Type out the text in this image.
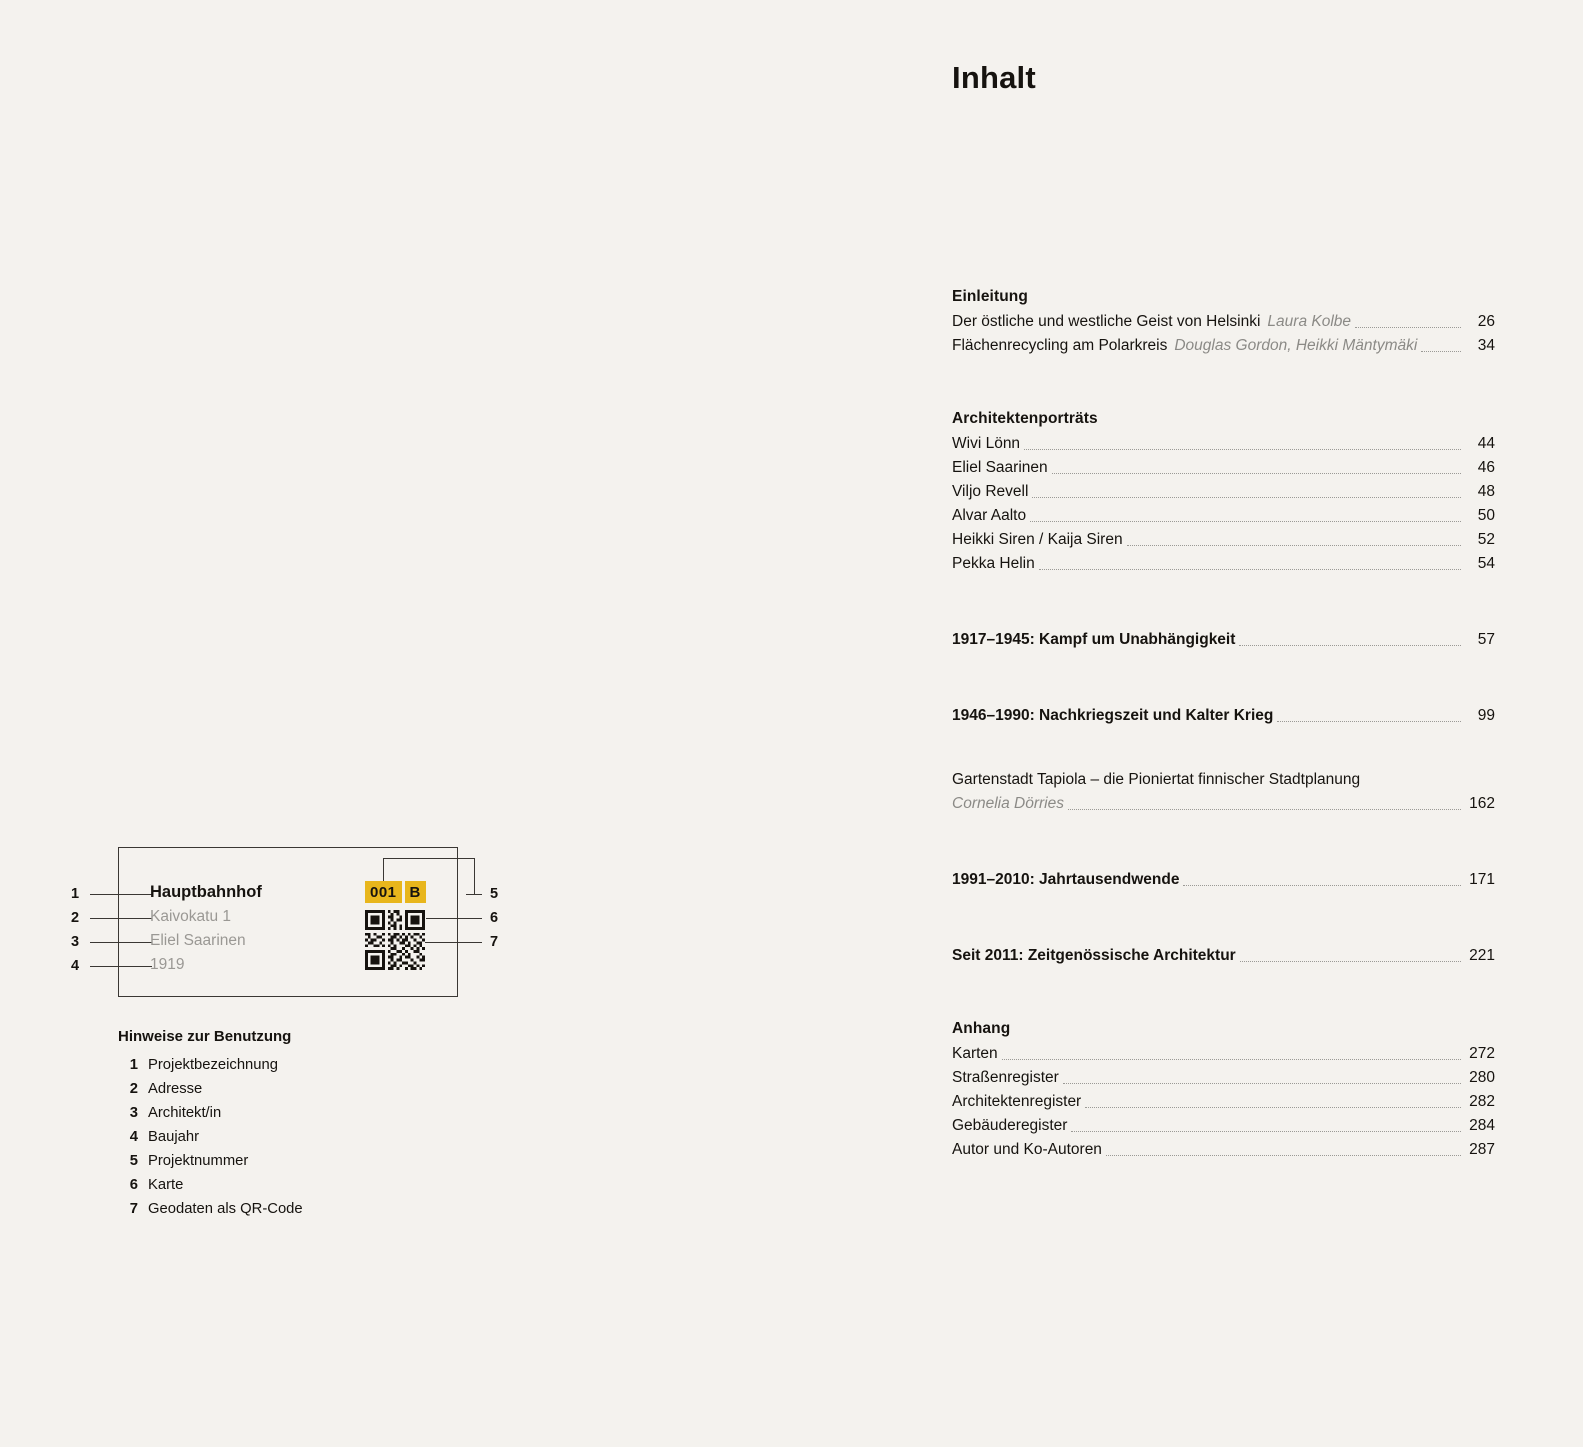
Inhalt
Einleitung
Der östliche und westliche Geist von Helsinki Laura Kolbe	26
Flächenrecycling am Polarkreis Douglas Gordon, Heikki Mäntymäki	34
Architektenporträts
Wivi Lönn	44
Eliel Saarinen	46
Viljo Revell	48
Alvar Aalto	50
Heikki Siren / Kaija Siren	52
Pekka Helin	54
1917–1945: Kampf um Unabhängigkeit	57
1946–1990: Nachkriegszeit und Kalter Krieg	99
Gartenstadt Tapiola – die Pioniertat finnischer Stadtplanung
Cornelia Dörries	162
1991–2010: Jahrtausendwende	171
Seit 2011: Zeitgenössische Architektur	221
Anhang
Karten	272
Straßenregister	280
Architektenregister	282
Gebäuderegister	284
Autor und Ko-Autoren	287
1
2
3
4
5
6
7
Hauptbahnhof
Kaivokatu 1
Eliel Saarinen
1919
001 B
Hinweise zur Benutzung
1 Projektbezeichnung
2 Adresse
3 Architekt/in
4 Baujahr
5 Projektnummer
6 Karte
7 Geodaten als QR-Code
